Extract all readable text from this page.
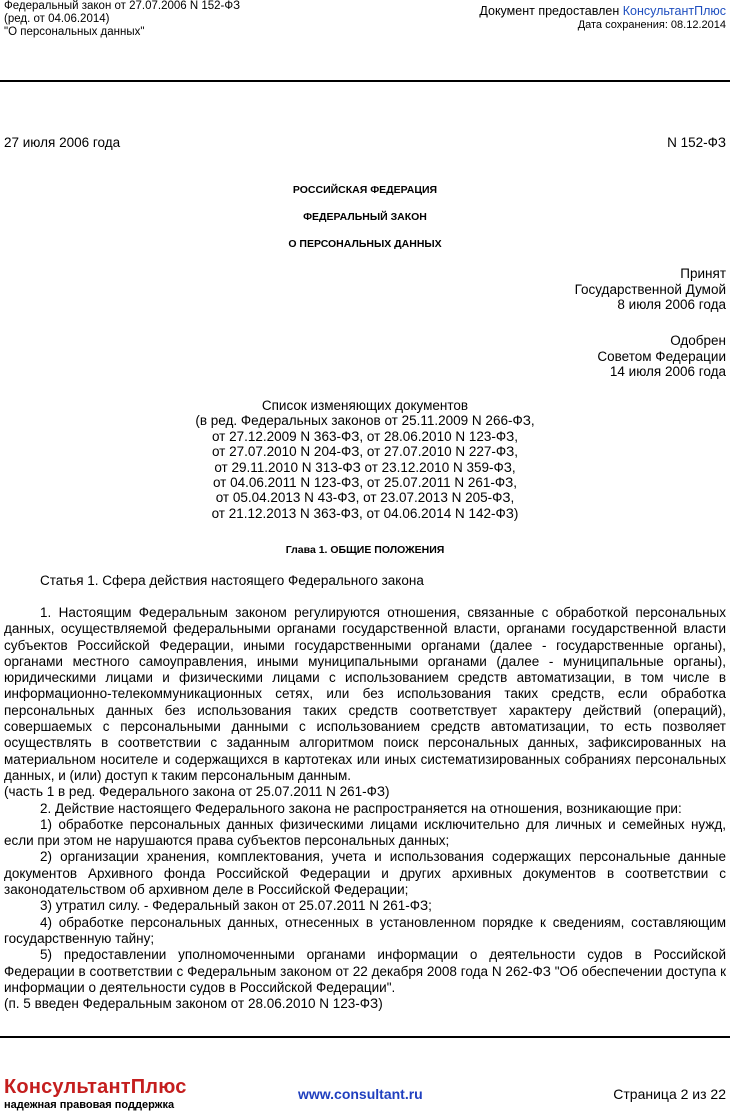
Федеральный закон от 27.07.2006 N 152-ФЗ
(ред. от 04.06.2014)
"О персональных данных"
Документ предоставлен КонсультантПлюс
Дата сохранения: 08.12.2014
27 июля 2006 года	N 152-ФЗ
РОССИЙСКАЯ ФЕДЕРАЦИЯ
ФЕДЕРАЛЬНЫЙ ЗАКОН
О ПЕРСОНАЛЬНЫХ ДАННЫХ
Принят
Государственной Думой
8 июля 2006 года
Одобрен
Советом Федерации
14 июля 2006 года
Список изменяющих документов
(в ред. Федеральных законов от 25.11.2009 N 266-ФЗ,
от 27.12.2009 N 363-ФЗ, от 28.06.2010 N 123-ФЗ,
от 27.07.2010 N 204-ФЗ, от 27.07.2010 N 227-ФЗ,
от 29.11.2010 N 313-ФЗ от 23.12.2010 N 359-ФЗ,
от 04.06.2011 N 123-ФЗ, от 25.07.2011 N 261-ФЗ,
от 05.04.2013 N 43-ФЗ, от 23.07.2013 N 205-ФЗ,
от 21.12.2013 N 363-ФЗ, от 04.06.2014 N 142-ФЗ)
Глава 1. ОБЩИЕ ПОЛОЖЕНИЯ
Статья 1. Сфера действия настоящего Федерального закона

1. Настоящим Федеральным законом регулируются отношения, связанные с обработкой персональных данных, осуществляемой федеральными органами государственной власти, органами государственной власти субъектов Российской Федерации, иными государственными органами (далее - государственные органы), органами местного самоуправления, иными муниципальными органами (далее - муниципальные органы), юридическими лицами и физическими лицами с использованием средств автоматизации, в том числе в информационно-телекоммуникационных сетях, или без использования таких средств, если обработка персональных данных без использования таких средств соответствует характеру действий (операций), совершаемых с персональными данными с использованием средств автоматизации, то есть позволяет осуществлять в соответствии с заданным алгоритмом поиск персональных данных, зафиксированных на материальном носителе и содержащихся в картотеках или иных систематизированных собраниях персональных данных, и (или) доступ к таким персональным данным.

(часть 1 в ред. Федерального закона от 25.07.2011 N 261-ФЗ)

2. Действие настоящего Федерального закона не распространяется на отношения, возникающие при:

1) обработке персональных данных физическими лицами исключительно для личных и семейных нужд, если при этом не нарушаются права субъектов персональных данных;

2) организации хранения, комплектования, учета и использования содержащих персональные данные документов Архивного фонда Российской Федерации и других архивных документов в соответствии с законодательством об архивном деле в Российской Федерации;

3) утратил силу. - Федеральный закон от 25.07.2011 N 261-ФЗ;

4) обработке персональных данных, отнесенных в установленном порядке к сведениям, составляющим государственную тайну;

5) предоставлении уполномоченными органами информации о деятельности судов в Российской Федерации в соответствии с Федеральным законом от 22 декабря 2008 года N 262-ФЗ "Об обеспечении доступа к информации о деятельности судов в Российской Федерации".

(п. 5 введен Федеральным законом от 28.06.2010 N 123-ФЗ)

КонсультантПлюс
надежная правовая поддержка
www.consultant.ru	Страница 2 из 22
